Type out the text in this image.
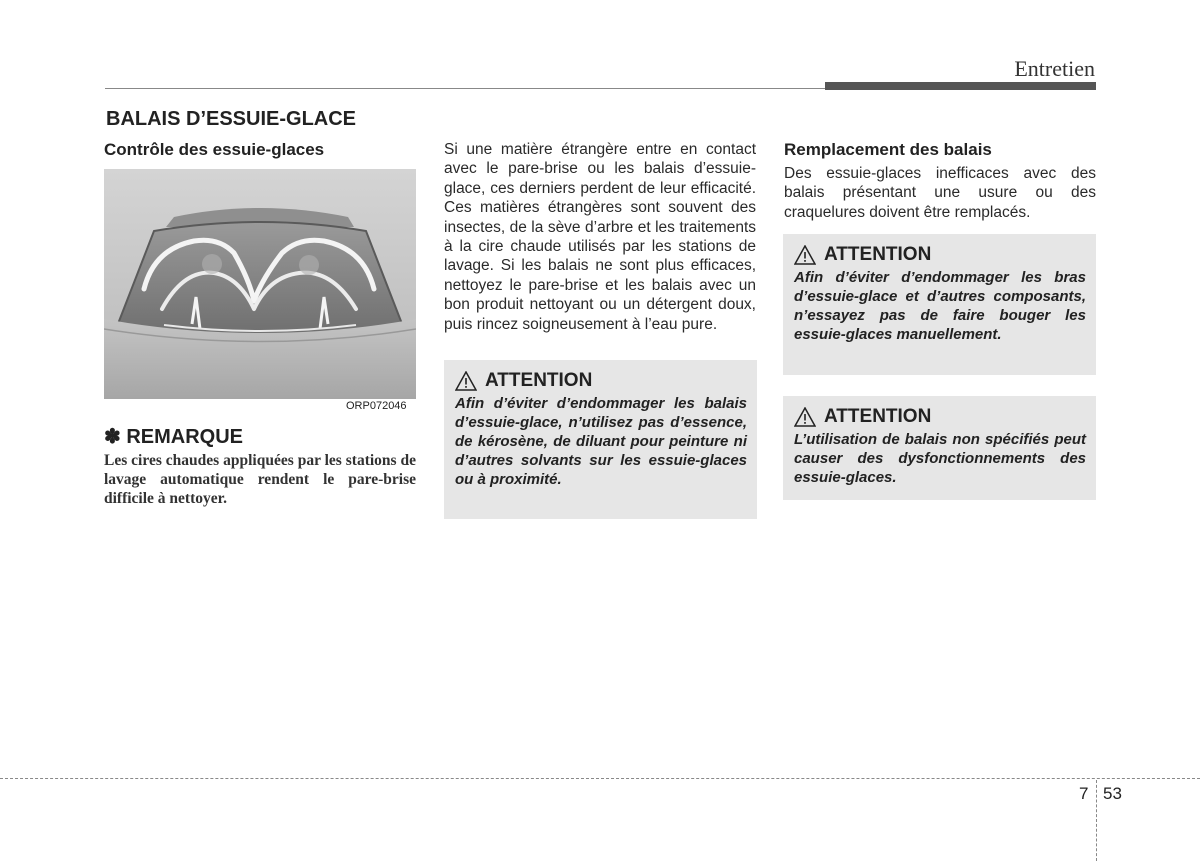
Entretien
BALAIS D’ESSUIE-GLACE
Contrôle des essuie-glaces
ORP072046
✽ REMARQUE
Les cires chaudes appliquées par les stations de lavage automatique rendent le pare-brise difficile à nettoyer.
Si une matière étrangère entre en contact avec le pare-brise ou les balais d’essuie-glace, ces derniers perdent de leur efficacité. Ces matières étrangères sont souvent des insectes, de la sève d’arbre et les traitements à la cire chaude utilisés par les stations de lavage. Si les balais ne sont plus efficaces, nettoyez le pare-brise et les balais avec un bon produit nettoyant ou un détergent doux, puis rincez soigneusement à l’eau pure.
ATTENTION
Afin d’éviter d’endommager les balais d’essuie-glace, n’utilisez pas d’essence, de kérosène, de diluant pour peinture ni d’autres solvants sur les essuie-glaces ou à proximité.
Remplacement des balais
Des essuie-glaces inefficaces avec des balais présentant une usure ou des craquelures doivent être remplacés.
ATTENTION
Afin d’éviter d’endommager les bras d’essuie-glace et d’autres composants, n’essayez pas de faire bouger les essuie-glaces manuellement.
ATTENTION
L’utilisation de balais non spécifiés peut causer des dysfonctionnements des essuie-glaces.
7 53
